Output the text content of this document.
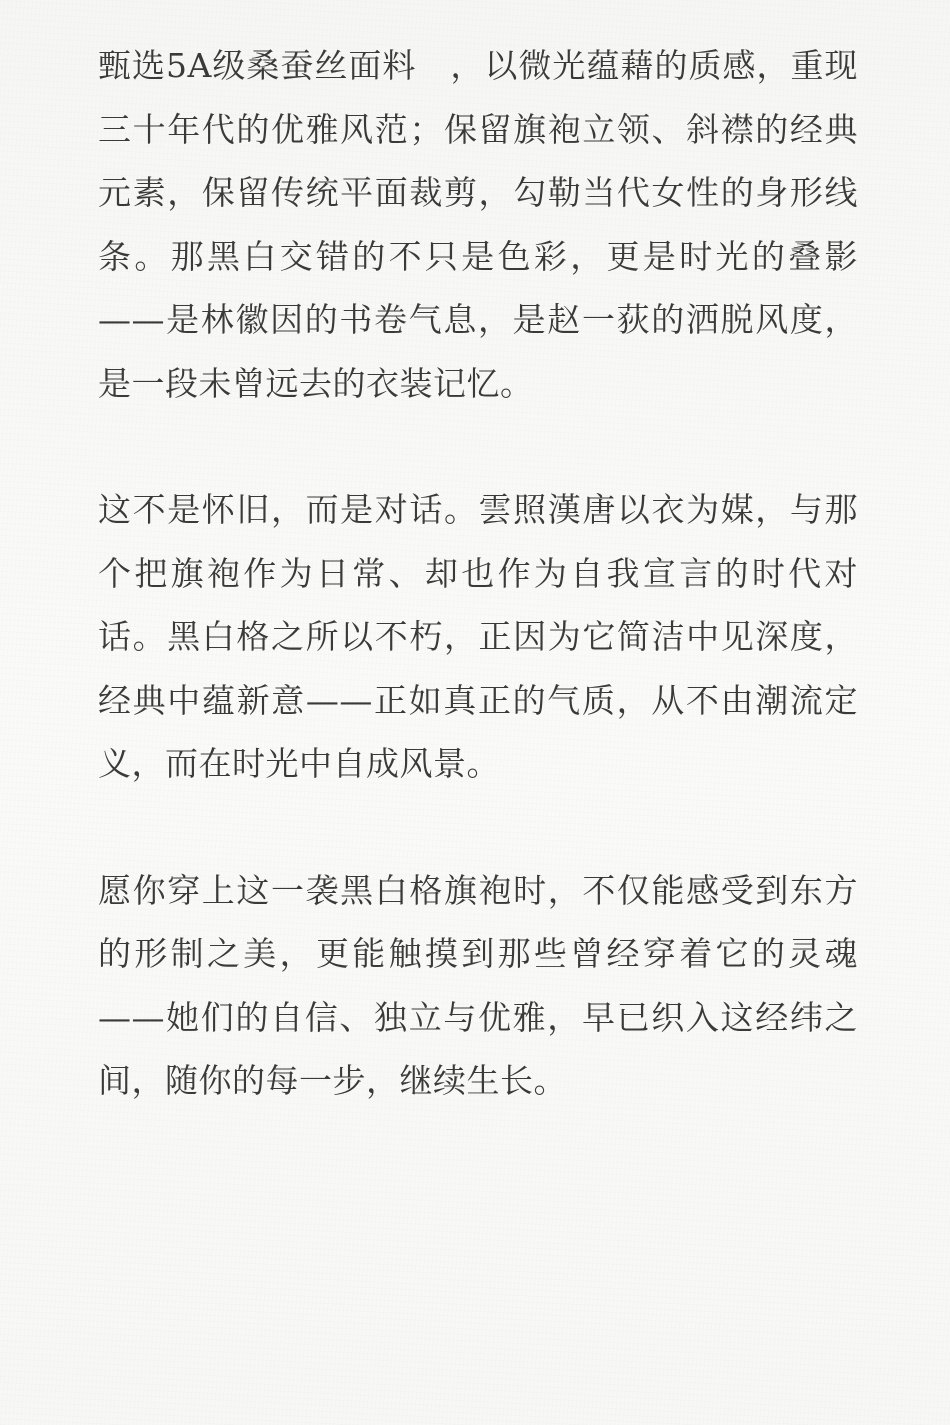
甄选5A级桑蚕丝面料　，以微光蕴藉的质感，重现三十年代的优雅风范；保留旗袍立领、斜襟的经典元素，保留传统平面裁剪，勾勒当代女性的身形线条。那黑白交错的不只是色彩，更是时光的叠影——是林徽因的书卷气息，是赵一荻的洒脱风度，是一段未曾远去的衣装记忆。

这不是怀旧，而是对话。雲照漢唐以衣为媒，与那个把旗袍作为日常、却也作为自我宣言的时代对话。黑白格之所以不朽，正因为它简洁中见深度，经典中蕴新意——正如真正的气质，从不由潮流定义，而在时光中自成风景。

愿你穿上这一袭黑白格旗袍时，不仅能感受到东方的形制之美，更能触摸到那些曾经穿着它的灵魂——她们的自信、独立与优雅，早已织入这经纬之间，随你的每一步，继续生长。
